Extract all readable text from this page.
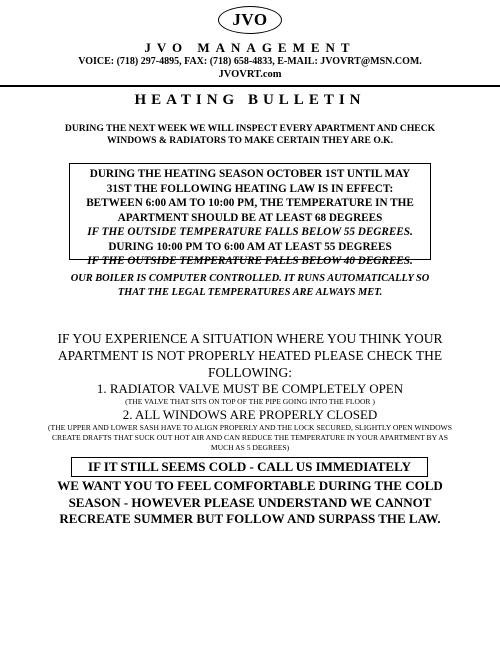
JVO
JVO MANAGEMENT
VOICE: (718) 297-4895, FAX: (718) 658-4833, E-MAIL: JVOVRT@MSN.COM.
JVOVRT.com
HEATING BULLETIN
DURING THE NEXT WEEK WE WILL INSPECT EVERY APARTMENT AND CHECK WINDOWS & RADIATORS TO MAKE CERTAIN THEY ARE O.K.
DURING THE HEATING SEASON OCTOBER 1ST UNTIL MAY
31ST THE FOLLOWING HEATING LAW IS IN EFFECT:
BETWEEN 6:00 AM TO 10:00 PM, THE TEMPERATURE IN THE
APARTMENT SHOULD BE AT LEAST 68 DEGREES
IF THE OUTSIDE TEMPERATURE FALLS BELOW 55 DEGREES.
DURING 10:00 PM TO 6:00 AM AT LEAST 55 DEGREES
IF THE OUTSIDE TEMPERATURE FALLS BELOW 40 DEGREES.
OUR BOILER IS COMPUTER CONTROLLED. IT RUNS AUTOMATICALLY SO THAT THE LEGAL TEMPERATURES ARE ALWAYS MET.
IF YOU EXPERIENCE A SITUATION WHERE YOU THINK YOUR APARTMENT IS NOT PROPERLY HEATED PLEASE CHECK THE FOLLOWING:
1. RADIATOR VALVE MUST BE COMPLETELY OPEN
(THE VALVE THAT SITS ON TOP OF THE PIPE GOING INTO THE FLOOR )
2. ALL WINDOWS ARE PROPERLY CLOSED
(THE UPPER AND LOWER SASH HAVE TO ALIGN PROPERLY AND THE LOCK SECURED, SLIGHTLY OPEN WINDOWS CREATE DRAFTS THAT SUCK OUT HOT AIR AND CAN REDUCE THE TEMPERATURE IN YOUR APARTMENT BY AS MUCH AS 5 DEGREES)
IF IT STILL SEEMS COLD - CALL US IMMEDIATELY
WE WANT YOU TO FEEL COMFORTABLE DURING THE COLD SEASON - HOWEVER PLEASE UNDERSTAND WE CANNOT RECREATE SUMMER BUT FOLLOW AND SURPASS THE LAW.
